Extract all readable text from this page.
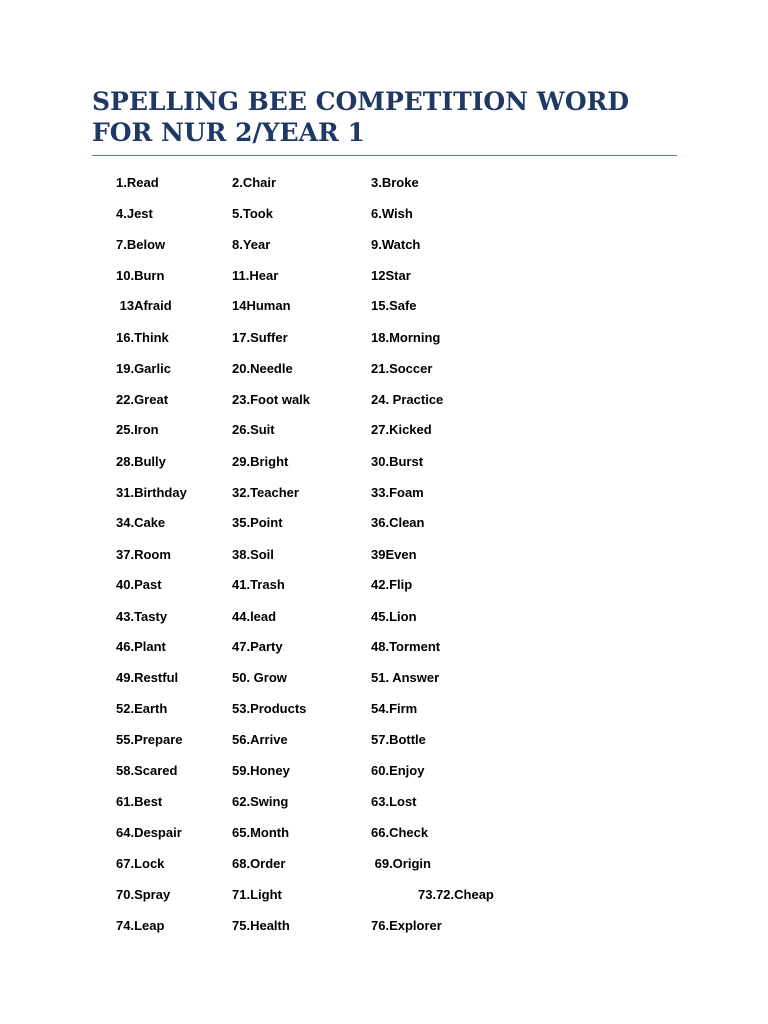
SPELLING BEE COMPETITION WORD FOR NUR 2/YEAR 1
1.Read	2.Chair	3.Broke
4.Jest	5.Took	6.Wish
7.Below	8.Year	9.Watch
10.Burn	11.Hear	12Star
13Afraid	14Human	15.Safe
16.Think	17.Suffer	18.Morning
19.Garlic	20.Needle	21.Soccer
22.Great	23.Foot walk	24. Practice
25.Iron	26.Suit	27.Kicked
28.Bully	29.Bright	30.Burst
31.Birthday	32.Teacher	33.Foam
34.Cake	35.Point	36.Clean
37.Room	38.Soil	39Even
40.Past	41.Trash	42.Flip
43.Tasty	44.lead	45.Lion
46.Plant	47.Party	48.Torment
49.Restful	50. Grow	51. Answer
52.Earth	53.Products	54.Firm
55.Prepare	56.Arrive	57.Bottle
58.Scared	59.Honey	60.Enjoy
61.Best	62.Swing	63.Lost
64.Despair	65.Month	66.Check
67.Lock	68.Order	69.Origin
70.Spray	71.Light	73.72.Cheap
74.Leap	75.Health	76.Explorer
